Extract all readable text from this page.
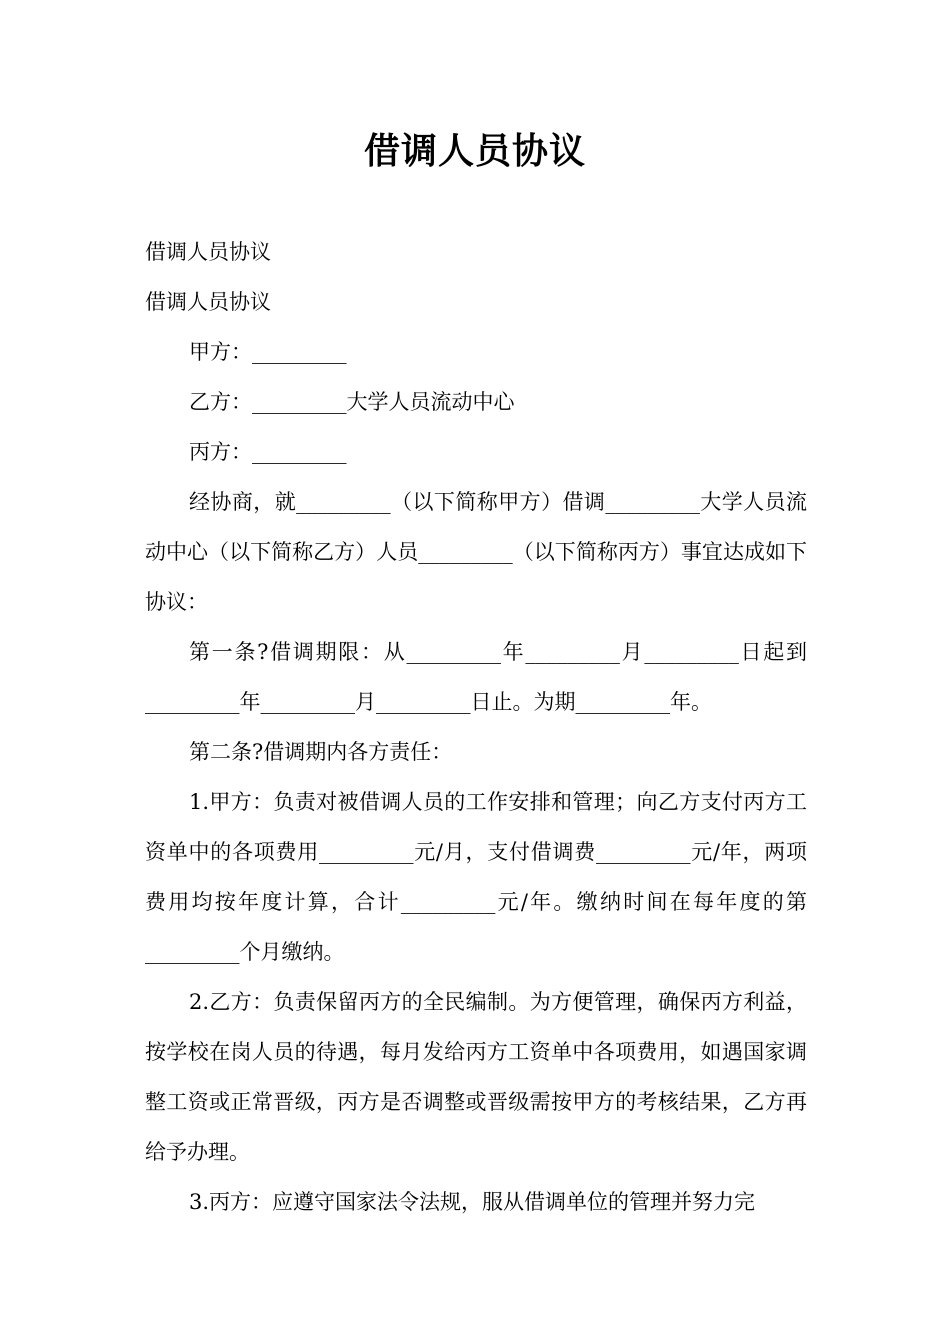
借调人员协议

借调人员协议

借调人员协议

甲方：_________

乙方：_________大学人员流动中心

丙方：_________

经协商，就_________（以下简称甲方）借调_________大学人员流动中心（以下简称乙方）人员_________（以下简称丙方）事宜达成如下协议：

第一条?借调期限：从_________年_________月_________日起到_________年_________月_________日止。为期_________年。

第二条?借调期内各方责任：

1.甲方：负责对被借调人员的工作安排和管理；向乙方支付丙方工资单中的各项费用_________元/月，支付借调费_________元/年，两项费用均按年度计算，合计_________元/年。缴纳时间在每年度的第_________个月缴纳。

2.乙方：负责保留丙方的全民编制。为方便管理，确保丙方利益，按学校在岗人员的待遇，每月发给丙方工资单中各项费用，如遇国家调整工资或正常晋级，丙方是否调整或晋级需按甲方的考核结果，乙方再给予办理。

3.丙方：应遵守国家法令法规，服从借调单位的管理并努力完
